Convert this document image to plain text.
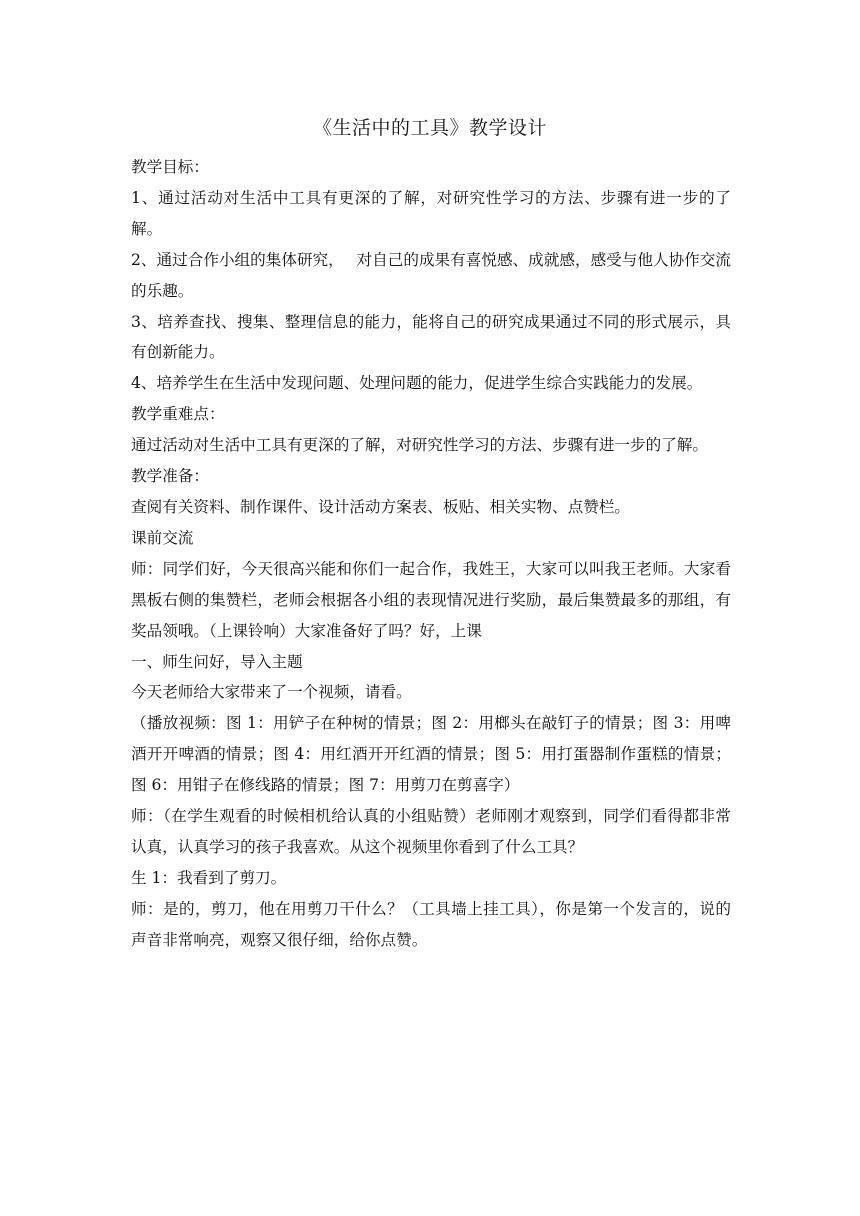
《生活中的工具》教学设计

教学目标：

1、通过活动对生活中工具有更深的了解，对研究性学习的方法、步骤有进一步的了解。

2、通过合作小组的集体研究，　 对自己的成果有喜悦感、成就感，感受与他人协作交流的乐趣。

3、培养查找、搜集、整理信息的能力，能将自己的研究成果通过不同的形式展示，具有创新能力。

4、培养学生在生活中发现问题、处理问题的能力，促进学生综合实践能力的发展。

教学重难点：

通过活动对生活中工具有更深的了解，对研究性学习的方法、步骤有进一步的了解。

教学准备：

查阅有关资料、制作课件、设计活动方案表、板贴、相关实物、点赞栏。

课前交流

师：同学们好，今天很高兴能和你们一起合作，我姓王，大家可以叫我王老师。大家看黑板右侧的集赞栏，老师会根据各小组的表现情况进行奖励，最后集赞最多的那组，有奖品领哦。（上课铃响）大家准备好了吗？好，上课

一、师生问好，导入主题

今天老师给大家带来了一个视频，请看。

（播放视频：图 1：用铲子在种树的情景；图 2：用榔头在敲钉子的情景；图 3：用啤酒开开啤酒的情景；图 4：用红酒开开红酒的情景；图 5：用打蛋器制作蛋糕的情景；图 6：用钳子在修线路的情景；图 7：用剪刀在剪喜字）

师：（在学生观看的时候相机给认真的小组贴赞）老师刚才观察到，同学们看得都非常认真，认真学习的孩子我喜欢。从这个视频里你看到了什么工具？

生 1：我看到了剪刀。

师：是的，剪刀，他在用剪刀干什么？（工具墙上挂工具），你是第一个发言的，说的声音非常响亮，观察又很仔细，给你点赞。
